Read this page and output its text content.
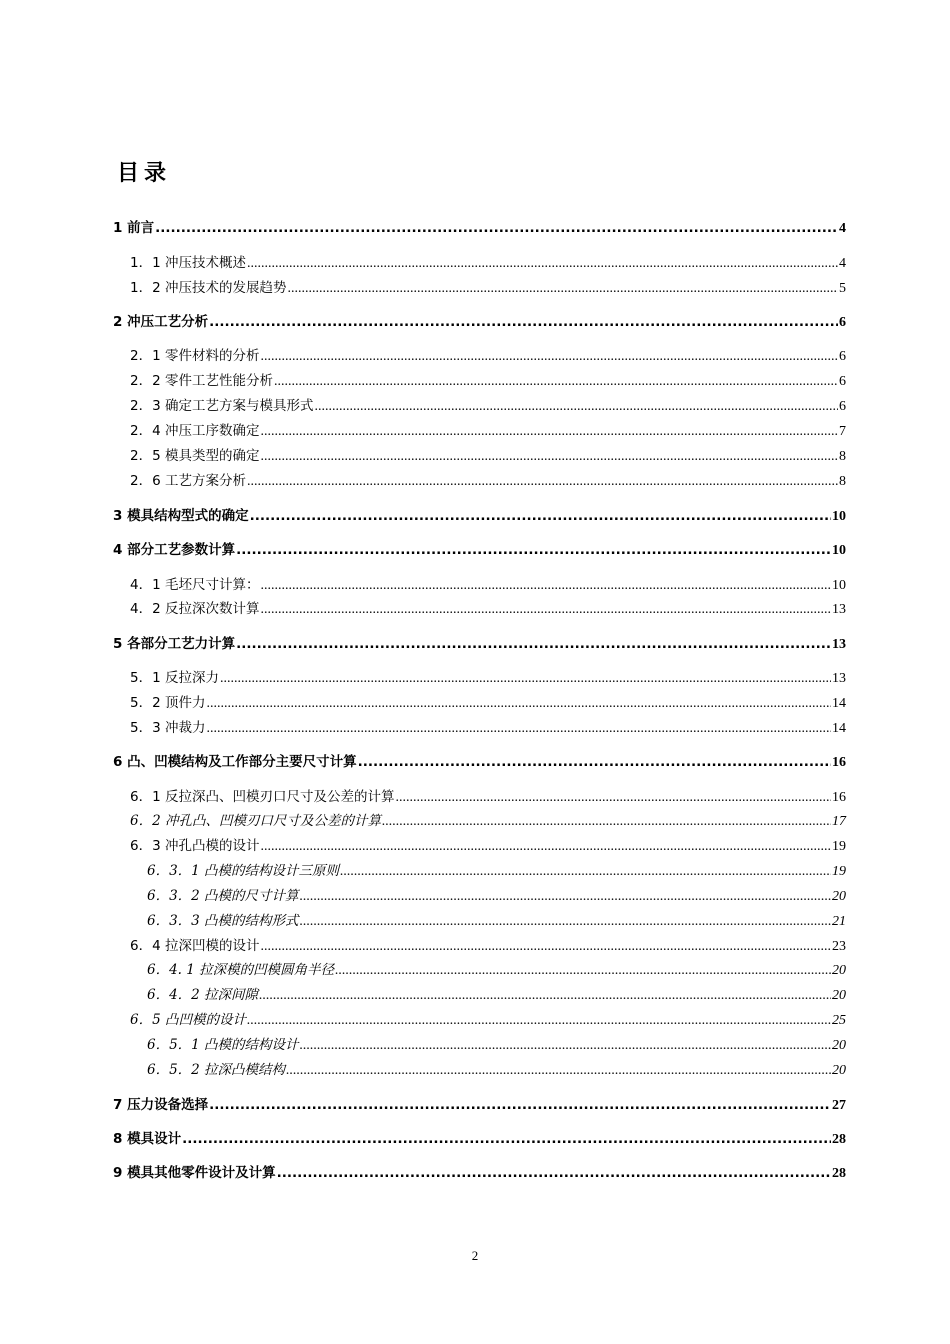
目录
1 前言 .....	4
1．1 冲压技术概述 .....	4
1．2 冲压技术的发展趋势 .....	5
2 冲压工艺分析 .....	6
2．1 零件材料的分析 .....	6
2．2 零件工艺性能分析 .....	6
2．3 确定工艺方案与模具形式 .....	6
2．4 冲压工序数确定 .....	7
2．5 模具类型的确定 .....	8
2．6 工艺方案分析 .....	8
3 模具结构型式的确定 .....	10
4 部分工艺参数计算 .....	10
4．1 毛坯尺寸计算： .....	10
4．2 反拉深次数计算 .....	13
5 各部分工艺力计算 .....	13
5．1 反拉深力 .....	13
5．2 顶件力 .....	14
5．3 冲裁力 .....	14
6 凸、凹模结构及工作部分主要尺寸计算 .....	16
6．1 反拉深凸、凹模刃口尺寸及公差的计算 .....	16
6．2 冲孔凸、凹模刃口尺寸及公差的计算 .....	17
6．3 冲孔凸模的设计 .....	19
6．3．1 凸模的结构设计三原则 .....	19
6．3．2 凸模的尺寸计算 .....	20
6．3．3 凸模的结构形式 .....	21
6．4 拉深凹模的设计 .....	23
6．4. 1 拉深模的凹模圆角半径 .....	20
6．4．2 拉深间隙 .....	20
6．5 凸凹模的设计 .....	25
6．5．1 凸模的结构设计 .....	20
6．5．2 拉深凸模结构 .....	20
7 压力设备选择 .....	27
8 模具设计 .....	28
9 模具其他零件设计及计算 .....	28
2
